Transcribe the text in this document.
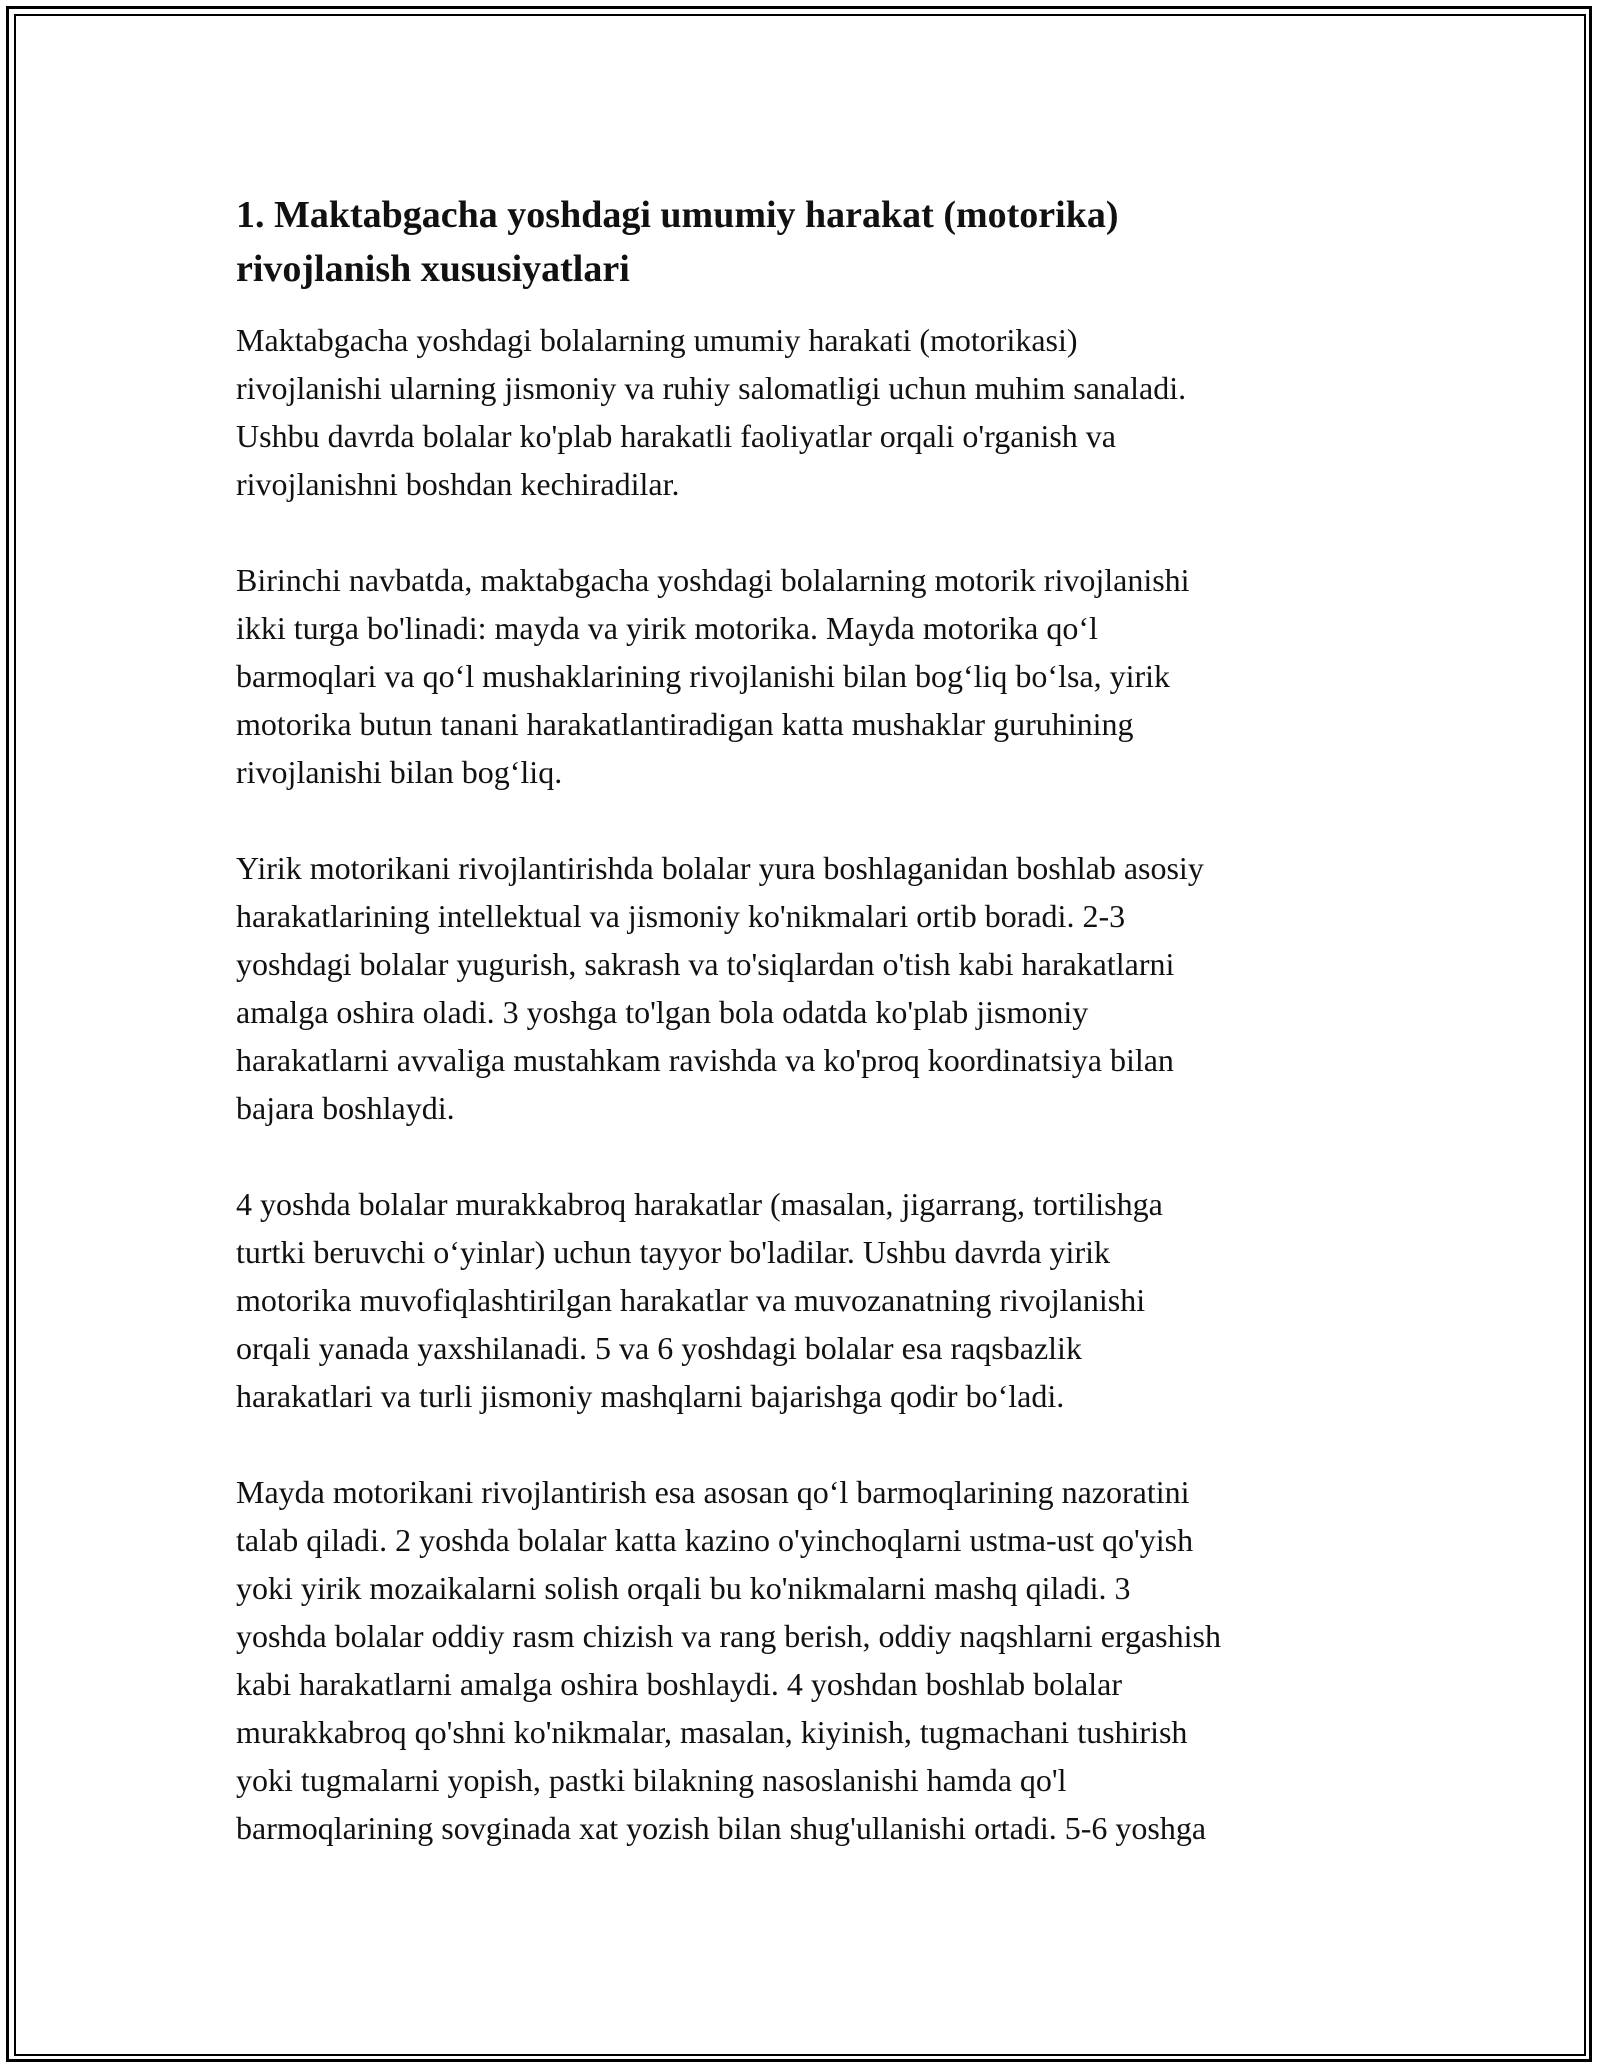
1. Maktabgacha yoshdagi umumiy harakat (motorika)
rivojlanish xususiyatlari

Maktabgacha yoshdagi bolalarning umumiy harakati (motorikasi)
rivojlanishi ularning jismoniy va ruhiy salomatligi uchun muhim sanaladi.
Ushbu davrda bolalar ko'plab harakatli faoliyatlar orqali o'rganish va
rivojlanishni boshdan kechiradilar.

Birinchi navbatda, maktabgacha yoshdagi bolalarning motorik rivojlanishi
ikki turga bo'linadi: mayda va yirik motorika. Mayda motorika qo‘l
barmoqlari va qo‘l mushaklarining rivojlanishi bilan bog‘liq bo‘lsa, yirik
motorika butun tanani harakatlantiradigan katta mushaklar guruhining
rivojlanishi bilan bog‘liq.

Yirik motorikani rivojlantirishda bolalar yura boshlaganidan boshlab asosiy
harakatlarining intellektual va jismoniy ko'nikmalari ortib boradi. 2-3
yoshdagi bolalar yugurish, sakrash va to'siqlardan o'tish kabi harakatlarni
amalga oshira oladi. 3 yoshga to'lgan bola odatda ko'plab jismoniy
harakatlarni avvaliga mustahkam ravishda va ko'proq koordinatsiya bilan
bajara boshlaydi.

4 yoshda bolalar murakkabroq harakatlar (masalan, jigarrang, tortilishga
turtki beruvchi o‘yinlar) uchun tayyor bo'ladilar. Ushbu davrda yirik
motorika muvofiqlashtirilgan harakatlar va muvozanatning rivojlanishi
orqali yanada yaxshilanadi. 5 va 6 yoshdagi bolalar esa raqsbazlik
harakatlari va turli jismoniy mashqlarni bajarishga qodir bo‘ladi.

Mayda motorikani rivojlantirish esa asosan qo‘l barmoqlarining nazoratini
talab qiladi. 2 yoshda bolalar katta kazino o'yinchoqlarni ustma-ust qo'yish
yoki yirik mozaikalarni solish orqali bu ko'nikmalarni mashq qiladi. 3
yoshda bolalar oddiy rasm chizish va rang berish, oddiy naqshlarni ergashish
kabi harakatlarni amalga oshira boshlaydi. 4 yoshdan boshlab bolalar
murakkabroq qo'shni ko'nikmalar, masalan, kiyinish, tugmachani tushirish
yoki tugmalarni yopish, pastki bilakning nasoslanishi hamda qo'l
barmoqlarining sovginada xat yozish bilan shug'ullanishi ortadi. 5-6 yoshga
